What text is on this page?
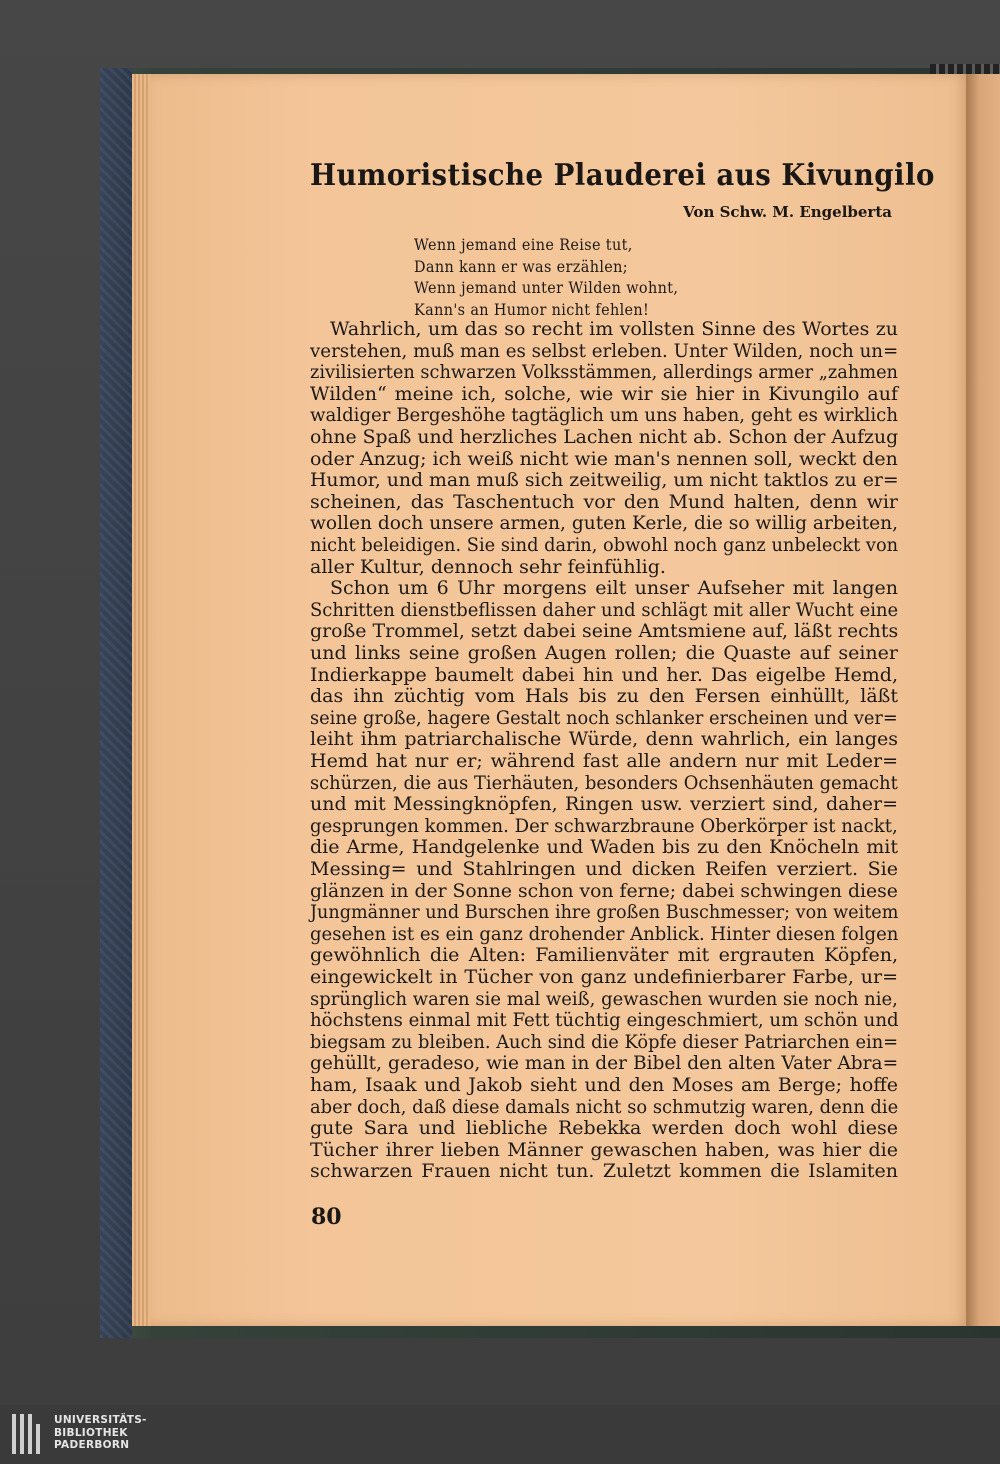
Humoristische Plauderei aus Kivungilo
Von Schw. M. Engelberta
Wenn jemand eine Reise tut,
Dann kann er was erzählen;
Wenn jemand unter Wilden wohnt,
Kann's an Humor nicht fehlen!
Wahrlich, um das so recht im vollsten Sinne des Wortes zu
verstehen, muß man es selbst erleben. Unter Wilden, noch un=
zivilisierten schwarzen Volksstämmen, allerdings armer „zahmen
Wilden“ meine ich, solche, wie wir sie hier in Kivungilo auf
waldiger Bergeshöhe tagtäglich um uns haben, geht es wirklich
ohne Spaß und herzliches Lachen nicht ab. Schon der Aufzug
oder Anzug; ich weiß nicht wie man's nennen soll, weckt den
Humor, und man muß sich zeitweilig, um nicht taktlos zu er=
scheinen, das Taschentuch vor den Mund halten, denn wir
wollen doch unsere armen, guten Kerle, die so willig arbeiten,
nicht beleidigen. Sie sind darin, obwohl noch ganz unbeleckt von
aller Kultur, dennoch sehr feinfühlig.
Schon um 6 Uhr morgens eilt unser Aufseher mit langen
Schritten dienstbeflissen daher und schlägt mit aller Wucht eine
große Trommel, setzt dabei seine Amtsmiene auf, läßt rechts
und links seine großen Augen rollen; die Quaste auf seiner
Indierkappe baumelt dabei hin und her. Das eigelbe Hemd,
das ihn züchtig vom Hals bis zu den Fersen einhüllt, läßt
seine große, hagere Gestalt noch schlanker erscheinen und ver=
leiht ihm patriarchalische Würde, denn wahrlich, ein langes
Hemd hat nur er; während fast alle andern nur mit Leder=
schürzen, die aus Tierhäuten, besonders Ochsenhäuten gemacht
und mit Messingknöpfen, Ringen usw. verziert sind, daher=
gesprungen kommen. Der schwarzbraune Oberkörper ist nackt,
die Arme, Handgelenke und Waden bis zu den Knöcheln mit
Messing= und Stahlringen und dicken Reifen verziert. Sie
glänzen in der Sonne schon von ferne; dabei schwingen diese
Jungmänner und Burschen ihre großen Buschmesser; von weitem
gesehen ist es ein ganz drohender Anblick. Hinter diesen folgen
gewöhnlich die Alten: Familienväter mit ergrauten Köpfen,
eingewickelt in Tücher von ganz undefinierbarer Farbe, ur=
sprünglich waren sie mal weiß, gewaschen wurden sie noch nie,
höchstens einmal mit Fett tüchtig eingeschmiert, um schön und
biegsam zu bleiben. Auch sind die Köpfe dieser Patriarchen ein=
gehüllt, geradeso, wie man in der Bibel den alten Vater Abra=
ham, Isaak und Jakob sieht und den Moses am Berge; hoffe
aber doch, daß diese damals nicht so schmutzig waren, denn die
gute Sara und liebliche Rebekka werden doch wohl diese
Tücher ihrer lieben Männer gewaschen haben, was hier die
schwarzen Frauen nicht tun. Zuletzt kommen die Islamiten
80
UNIVERSITÄTS-
BIBLIOTHEK
PADERBORN
